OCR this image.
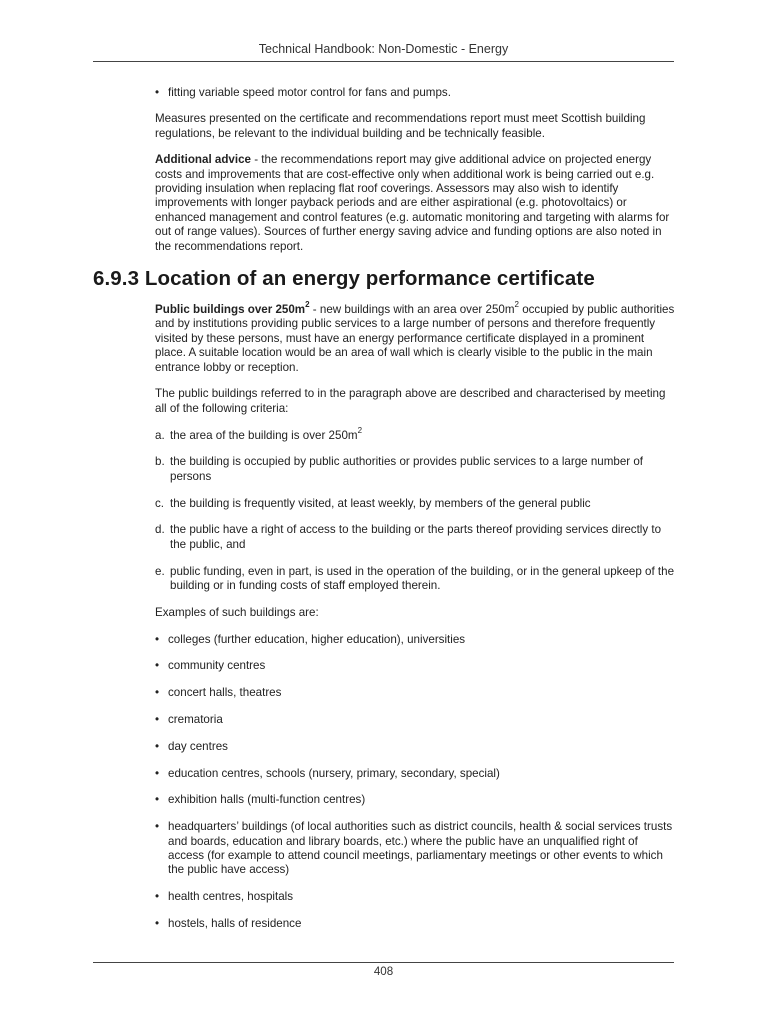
Technical Handbook: Non-Domestic - Energy
• fitting variable speed motor control for fans and pumps.

Measures presented on the certificate and recommendations report must meet Scottish building regulations, be relevant to the individual building and be technically feasible.

Additional advice - the recommendations report may give additional advice on projected energy costs and improvements that are cost-effective only when additional work is being carried out e.g. providing insulation when replacing flat roof coverings. Assessors may also wish to identify improvements with longer payback periods and are either aspirational (e.g. photovoltaics) or enhanced management and control features (e.g. automatic monitoring and targeting with alarms for out of range values). Sources of further energy saving advice and funding options are also noted in the recommendations report.

6.9.3 Location of an energy performance certificate

Public buildings over $250m^2$ - new buildings with an area over $250m^2$ occupied by public authorities and by institutions providing public services to a large number of persons and therefore frequently visited by these persons, must have an energy performance certificate displayed in a prominent place. A suitable location would be an area of wall which is clearly visible to the public in the main entrance lobby or reception.

The public buildings referred to in the paragraph above are described and characterised by meeting all of the following criteria:

a. the area of the building is over $250m^2$
b. the building is occupied by public authorities or provides public services to a large number of persons
c. the building is frequently visited, at least weekly, by members of the general public
d. the public have a right of access to the building or the parts thereof providing services directly to the public, and
e. public funding, even in part, is used in the operation of the building, or in the general upkeep of the building or in funding costs of staff employed therein.

Examples of such buildings are:

• colleges (further education, higher education), universities
• community centres
• concert halls, theatres
• crematoria
• day centres
• education centres, schools (nursery, primary, secondary, special)
• exhibition halls (multi-function centres)
• headquarters’ buildings (of local authorities such as district councils, health & social services trusts and boards, education and library boards, etc.) where the public have an unqualified right of access (for example to attend council meetings, parliamentary meetings or other events to which the public have access)
• health centres, hospitals
• hostels, halls of residence
408
